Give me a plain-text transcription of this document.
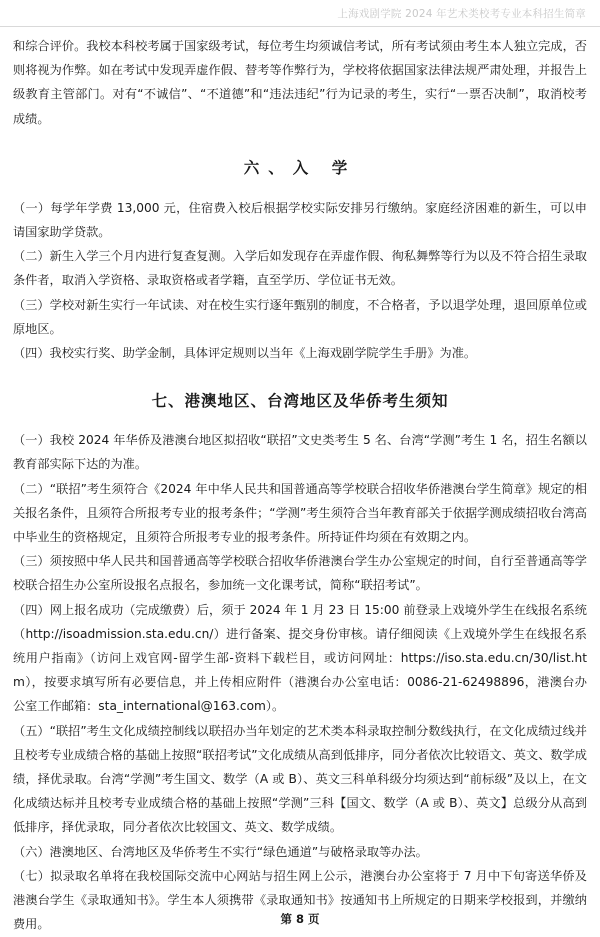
上海戏剧学院 2024 年艺术类校考专业本科招生简章

和综合评价。我校本科校考属于国家级考试，每位考生均须诚信考试，所有考试须由考生本人独立完成，否则将视为作弊。如在考试中发现弄虚作假、替考等作弊行为，学校将依据国家法律法规严肃处理，并报告上级教育主管部门。对有“不诚信”、“不道德”和“违法违纪”行为记录的考生，实行“一票否决制”，取消校考成绩。

六、入 学

（一）每学年学费 13,000 元，住宿费入校后根据学校实际安排另行缴纳。家庭经济困难的新生，可以申请国家助学贷款。

（二）新生入学三个月内进行复查复测。入学后如发现存在弄虚作假、徇私舞弊等行为以及不符合招生录取条件者，取消入学资格、录取资格或者学籍，直至学历、学位证书无效。

（三）学校对新生实行一年试读、对在校生实行逐年甄别的制度，不合格者，予以退学处理，退回原单位或原地区。

（四）我校实行奖、助学金制，具体评定规则以当年《上海戏剧学院学生手册》为准。

七、港澳地区、台湾地区及华侨考生须知

（一）我校 2024 年华侨及港澳台地区拟招收“联招”文史类考生 5 名、台湾“学测”考生 1 名，招生名额以教育部实际下达的为准。

（二）“联招”考生须符合《2024 年中华人民共和国普通高等学校联合招收华侨港澳台学生简章》规定的相关报名条件，且须符合所报考专业的报考条件；“学测”考生须符合当年教育部关于依据学测成绩招收台湾高中毕业生的资格规定，且须符合所报考专业的报考条件。所持证件均须在有效期之内。

（三）须按照中华人民共和国普通高等学校联合招收华侨港澳台学生办公室规定的时间，自行至普通高等学校联合招生办公室所设报名点报名，参加统一文化课考试，简称“联招考试”。

（四）网上报名成功（完成缴费）后，须于 2024 年 1 月 23 日 15:00 前登录上戏境外学生在线报名系统（http://isoadmission.sta.edu.cn/）进行备案、提交身份审核。请仔细阅读《上戏境外学生在线报名系统用户指南》（访问上戏官网-留学生部-资料下载栏目，或访问网址：https://iso.sta.edu.cn/30/list.htm），按要求填写所有必要信息，并上传相应附件（港澳台办公室电话：0086-21-62498896，港澳台办公室工作邮箱：sta_international@163.com）。

（五）“联招”考生文化成绩控制线以联招办当年划定的艺术类本科录取控制分数线执行，在文化成绩过线并且校考专业成绩合格的基础上按照“联招考试”文化成绩从高到低排序，同分者依次比较语文、英文、数学成绩，择优录取。台湾“学测”考生国文、数学（A 或 B）、英文三科单科级分均须达到“前标级”及以上，在文化成绩达标并且校考专业成绩合格的基础上按照“学测”三科【国文、数学（A 或 B）、英文】总级分从高到低排序，择优录取，同分者依次比较国文、英文、数学成绩。

（六）港澳地区、台湾地区及华侨考生不实行“绿色通道”与破格录取等办法。

（七）拟录取名单将在我校国际交流中心网站与招生网上公示，港澳台办公室将于 7 月中下旬寄送华侨及港澳台学生《录取通知书》。学生本人须携带《录取通知书》按通知书上所规定的日期来学校报到，并缴纳费用。	第 8 页
